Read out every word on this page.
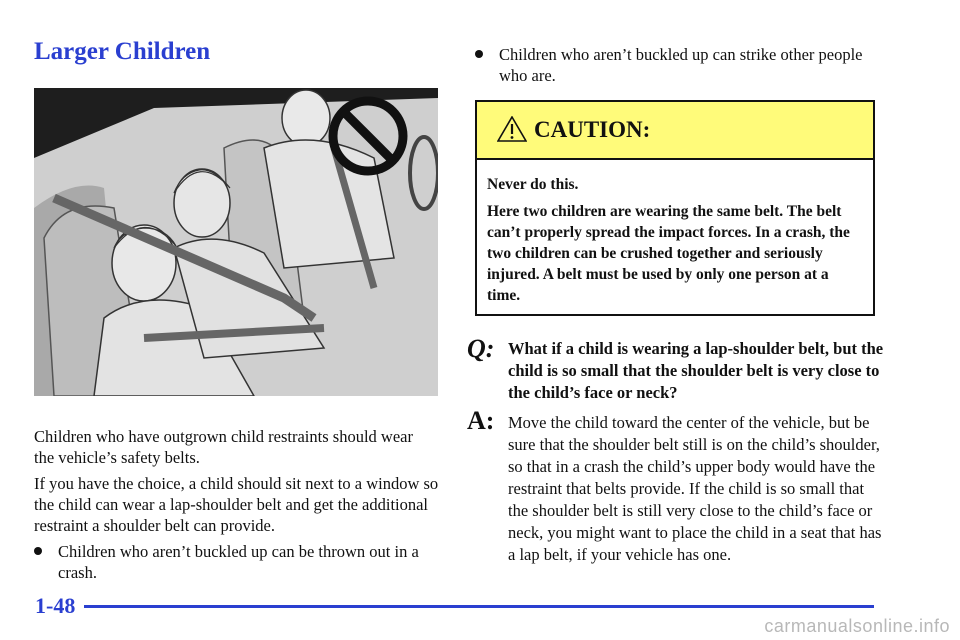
Larger Children

Children who have outgrown child restraints should wear the vehicle’s safety belts.

If you have the choice, a child should sit next to a window so the child can wear a lap‑shoulder belt and get the additional restraint a shoulder belt can provide.

Children who aren’t buckled up can be thrown out in a crash.
Children who aren’t buckled up can strike other people who are.
CAUTION:

Never do this.

Here two children are wearing the same belt. The belt can’t properly spread the impact forces. In a crash, the two children can be crushed together and seriously injured. A belt must be used by only one person at a time.

Q: What if a child is wearing a lap‑shoulder belt, but the child is so small that the shoulder belt is very close to the child’s face or neck?
A: Move the child toward the center of the vehicle, but be sure that the shoulder belt still is on the child’s shoulder, so that in a crash the child’s upper body would have the restraint that belts provide. If the child is so small that the shoulder belt is still very close to the child’s face or neck, you might want to place the child in a seat that has a lap belt, if your vehicle has one.
1-48
carmanualsonline.info
